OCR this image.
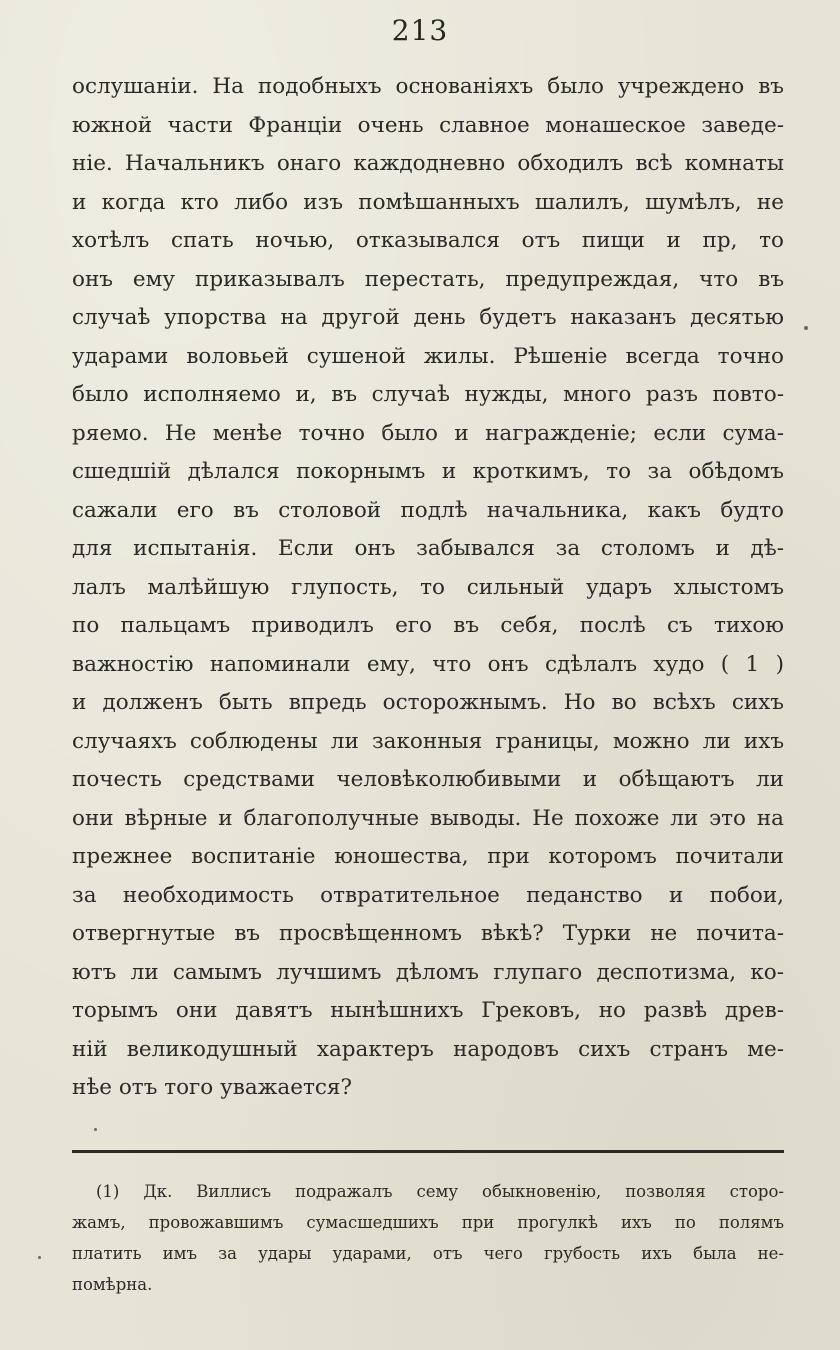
213
ослушаніи. На подобныхъ основаніяхъ было учреждено въ
южной части Франціи очень славное монашеское заведе-
ніе. Начальникъ онаго каждодневно обходилъ всѣ комнаты
и когда кто либо изъ помѣшанныхъ шалилъ, шумѣлъ, не
хотѣлъ спать ночью, отказывался отъ пищи и пр, то
онъ ему приказывалъ перестать, предупреждая, что въ
случаѣ упорства на другой день будетъ наказанъ десятью
ударами воловьей сушеной жилы. Рѣшеніе всегда точно
было исполняемо и, въ случаѣ нужды, много разъ повто-
ряемо. Не менѣе точно было и награжденіе; если сума-
сшедшій дѣлался покорнымъ и кроткимъ, то за обѣдомъ
сажали его въ столовой подлѣ начальника, какъ будто
для испытанія. Если онъ забывался за столомъ и дѣ-
лалъ малѣйшую глупость, то сильный ударъ хлыстомъ
по пальцамъ приводилъ его въ себя, послѣ съ тихою
важностію напоминали ему, что онъ сдѣлалъ худо ( 1 )
и долженъ быть впредь осторожнымъ. Но во всѣхъ сихъ
случаяхъ соблюдены ли законныя границы, можно ли ихъ
почесть средствами человѣколюбивыми и обѣщаютъ ли
они вѣрные и благополучные выводы. Не похоже ли это на
прежнее воспитаніе юношества, при которомъ почитали
за необходимость отвратительное педанство и побои,
отвергнутые въ просвѣщенномъ вѣкѣ? Турки не почита-
ютъ ли самымъ лучшимъ дѣломъ глупаго деспотизма, ко-
торымъ они давятъ нынѣшнихъ Грековъ, но развѣ древ-
ній великодушный характеръ народовъ сихъ странъ ме-
нѣе отъ того уважается?
(1) Дк. Виллисъ подражалъ сему обыкновенію, позволяя сторо-
жамъ, провожавшимъ сумасшедшихъ при прогулкѣ ихъ по полямъ
платить имъ за удары ударами, отъ чего грубость ихъ была не-
помѣрна.
